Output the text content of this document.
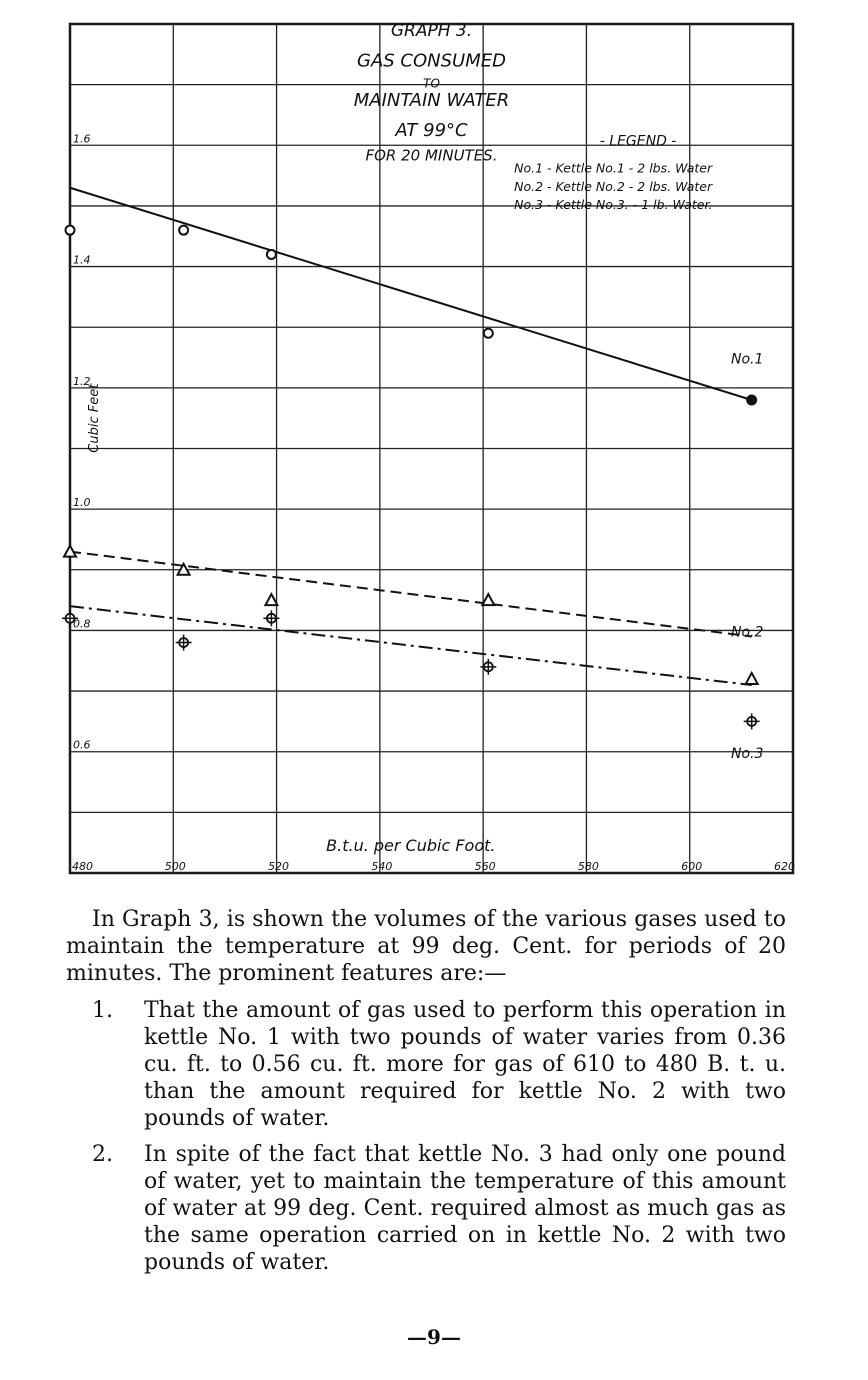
GRAPH 3.
GAS CONSUMED
TO
MAINTAIN WATER
AT 99°C
FOR 20 MINUTES.
- LEGEND -
No.1 - Kettle No.1 - 2 lbs. Water
No.2 - Kettle No.2 - 2 lbs. Water
No.3 - Kettle No.3. - 1 lb. Water.
No.1
No.2
No.3
480	500	520	540	560	580	600	620
0.6
0.8
1.0
1.2
1.4
1.6
B.t.u. per Cubic Foot.
Cubic Feet

In Graph 3, is shown the volumes of the various gases used to maintain the temperature at 99 deg. Cent. for periods of 20 minutes. The prominent features are:—

1. That the amount of gas used to perform this operation in kettle No. 1 with two pounds of water varies from 0.36 cu. ft. to 0.56 cu. ft. more for gas of 610 to 480 B. t. u. than the amount required for kettle No. 2 with two pounds of water.
2. In spite of the fact that kettle No. 3 had only one pound of water, yet to maintain the temperature of this amount of water at 99 deg. Cent. required almost as much gas as the same operation carried on in kettle No. 2 with two pounds of water.
—9—
